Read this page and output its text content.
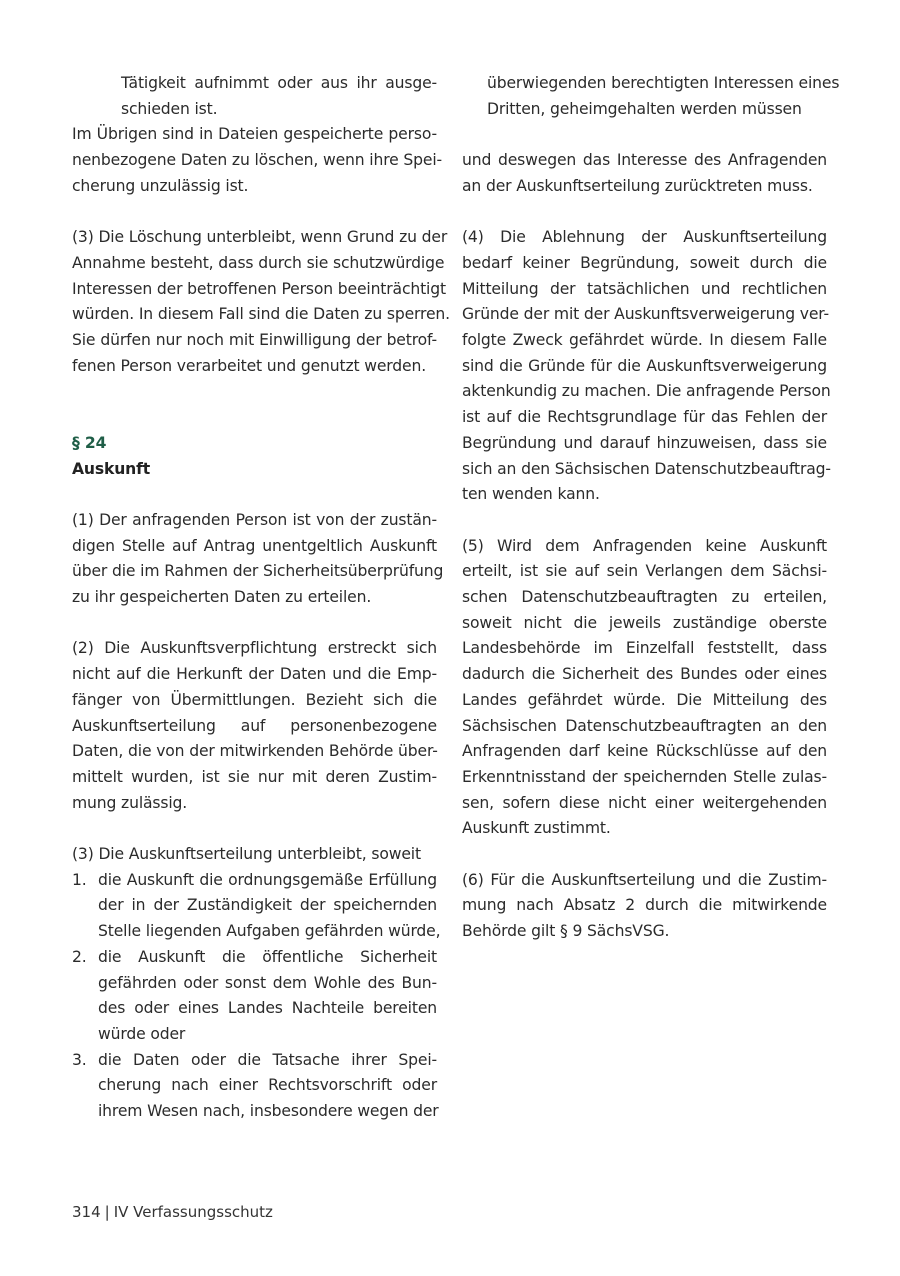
Tätigkeit aufnimmt oder aus ihr ausge-
schieden ist.
Im Übrigen sind in Dateien gespeicherte perso-
nenbezogene Daten zu löschen, wenn ihre Spei-
cherung unzulässig ist.
(3) Die Löschung unterbleibt, wenn Grund zu der
Annahme besteht, dass durch sie schutzwürdige
Interessen der betroffenen Person beeinträchtigt
würden. In diesem Fall sind die Daten zu sperren.
Sie dürfen nur noch mit Einwilligung der betrof-
fenen Person verarbeitet und genutzt werden.
§ 24
Auskunft
(1) Der anfragenden Person ist von der zustän-
digen Stelle auf Antrag unentgeltlich Auskunft
über die im Rahmen der Sicherheitsüberprüfung
zu ihr gespeicherten Daten zu erteilen.
(2) Die Auskunftsverpflichtung erstreckt sich
nicht auf die Herkunft der Daten und die Emp-
fänger von Übermittlungen. Bezieht sich die
Auskunftserteilung auf personenbezogene
Daten, die von der mitwirkenden Behörde über-
mittelt wurden, ist sie nur mit deren Zustim-
mung zulässig.
(3) Die Auskunftserteilung unterbleibt, soweit
1. die Auskunft die ordnungsgemäße Erfüllung
der in der Zuständigkeit der speichernden
Stelle liegenden Aufgaben gefährden würde,
2. die Auskunft die öffentliche Sicherheit
gefährden oder sonst dem Wohle des Bun-
des oder eines Landes Nachteile bereiten
würde oder
3. die Daten oder die Tatsache ihrer Spei-
cherung nach einer Rechtsvorschrift oder
ihrem Wesen nach, insbesondere wegen der
überwiegenden berechtigten Interessen eines
Dritten, geheimgehalten werden müssen
und deswegen das Interesse des Anfragenden
an der Auskunftserteilung zurücktreten muss.
(4) Die Ablehnung der Auskunftserteilung
bedarf keiner Begründung, soweit durch die
Mitteilung der tatsächlichen und rechtlichen
Gründe der mit der Auskunftsverweigerung ver-
folgte Zweck gefährdet würde. In diesem Falle
sind die Gründe für die Auskunftsverweigerung
aktenkundig zu machen. Die anfragende Person
ist auf die Rechtsgrundlage für das Fehlen der
Begründung und darauf hinzuweisen, dass sie
sich an den Sächsischen Datenschutzbeauftrag-
ten wenden kann.
(5) Wird dem Anfragenden keine Auskunft
erteilt, ist sie auf sein Verlangen dem Sächsi-
schen Datenschutzbeauftragten zu erteilen,
soweit nicht die jeweils zuständige oberste
Landesbehörde im Einzelfall feststellt, dass
dadurch die Sicherheit des Bundes oder eines
Landes gefährdet würde. Die Mitteilung des
Sächsischen Datenschutzbeauftragten an den
Anfragenden darf keine Rückschlüsse auf den
Erkenntnisstand der speichernden Stelle zulas-
sen, sofern diese nicht einer weitergehenden
Auskunft zustimmt.
(6) Für die Auskunftserteilung und die Zustim-
mung nach Absatz 2 durch die mitwirkende
Behörde gilt § 9 SächsVSG.
314 | IV Verfassungsschutz
